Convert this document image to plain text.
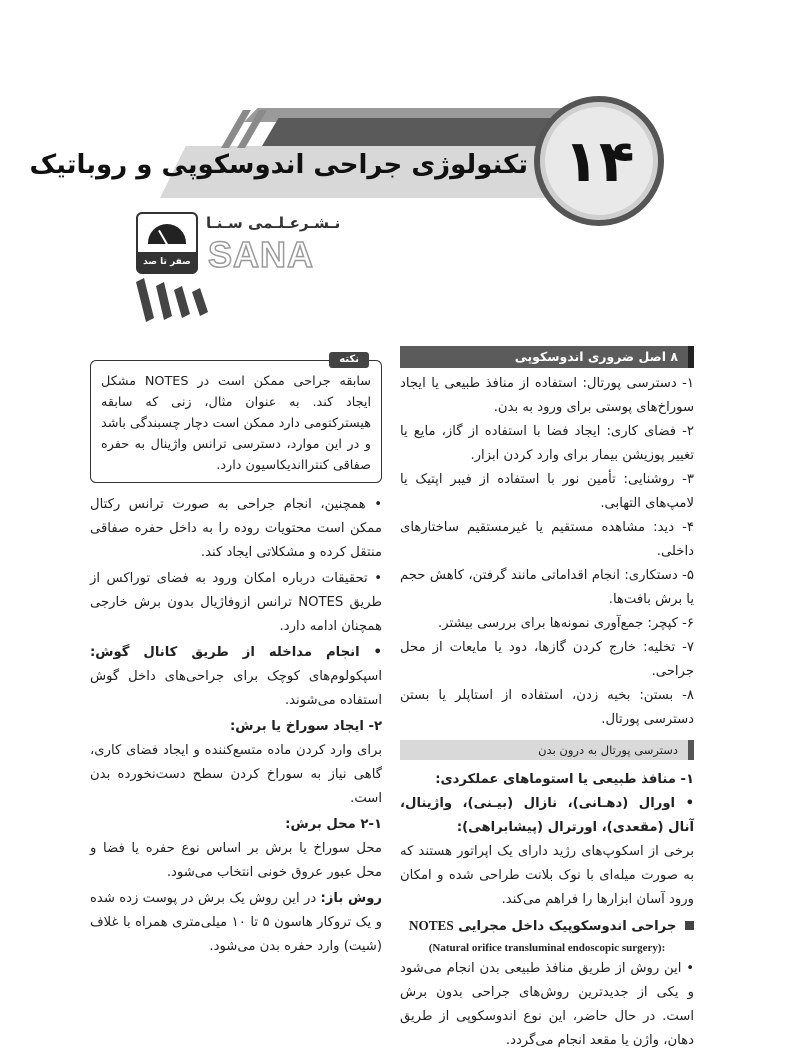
تکنولوژی جراحی اندوسکوپی و روباتیک ۱۴
صفر تا صد
نـشـرعـلـمی سـنـا
SANA
۸ اصل ضروری اندوسکوپی
۱- دسترسی پورتال: استفاده از منافذ طبیعی یا ایجاد سوراخ‌های پوستی برای ورود به بدن.
۲- فضای کاری: ایجاد فضا با استفاده از گاز، مایع یا تغییر پوزیشن بیمار برای وارد کردن ابزار.
۳- روشنایی: تأمین نور با استفاده از فیبر اپتیک یا لامپ‌های التهابی.
۴- دید: مشاهده مستقیم یا غیرمستقیم ساختارهای داخلی.
۵- دستکاری: انجام اقداماتی مانند گرفتن، کاهش حجم یا برش بافت‌ها.
۶- کپچر: جمع‌آوری نمونه‌ها برای بررسی بیشتر.
۷- تخلیه: خارج کردن گازها، دود یا مایعات از محل جراحی.
۸- بستن: بخیه زدن، استفاده از استاپلر یا بستن دسترسی پورتال.
دسترسی پورتال به درون بدن
۱- منافذ طبیعی یا استوماهای عملکردی:
• اورال (دهـانی)، نازال (بیـنی)، واژینال، آنال (مقعدی)، اورترال (پیشابراهی):
برخی از اسکوپ‌های رژید دارای یک اپراتور هستند که به صورت میله‌ای با نوک بلانت طراحی شده و امکان ورود آسان ابزارها را فراهم می‌کند.
جراحی اندوسکوپیک داخل مجرایی NOTES
(Natural orifice transluminal endoscopic surgery):
• این روش از طریق منافذ طبیعی بدن انجام می‌شود و یکی از جدیدترین روش‌های جراحی بدون برش است. در حال حاضر، این نوع اندوسکوپی از طریق دهان، واژن یا مقعد انجام می‌گردد.
نکته
سابقه جراحی ممکن است در NOTES مشکل ایجاد کند. به عنوان مثال، زنی که سابقه هیسترکتومی دارد ممکن است دچار چسبندگی باشد و در این موارد، دسترسی ترانس واژینال به حفره صفاقی کنترااندیکاسیون دارد.
• همچنین، انجام جراحی به صورت ترانس رکتال ممکن است محتویات روده را به داخل حفره صفاقی منتقل کرده و مشکلاتی ایجاد کند.
• تحقیقات درباره امکان ورود به فضای توراکس از طریق NOTES ترانس ازوفاژیال بدون برش خارجی همچنان ادامه دارد.
• انجام مداخله از طریق کانال گوش: اسپکولوم‌های کوچک برای جراحی‌های داخل گوش استفاده می‌شوند.
۲- ایجاد سوراخ یا برش:
برای وارد کردن ماده متسع‌کننده و ایجاد فضای کاری، گاهی نیاز به سوراخ کردن سطح دست‌نخورده بدن است.
۲-۱ محل برش:
محل سوراخ یا برش بر اساس نوع حفره یا فضا و محل عبور عروق خونی انتخاب می‌شود.
روش باز: در این روش یک برش در پوست زده شده و یک تروکار هاسون ۵ تا ۱۰ میلی‌متری همراه با غلاف (شیت) وارد حفره بدن می‌شود.
